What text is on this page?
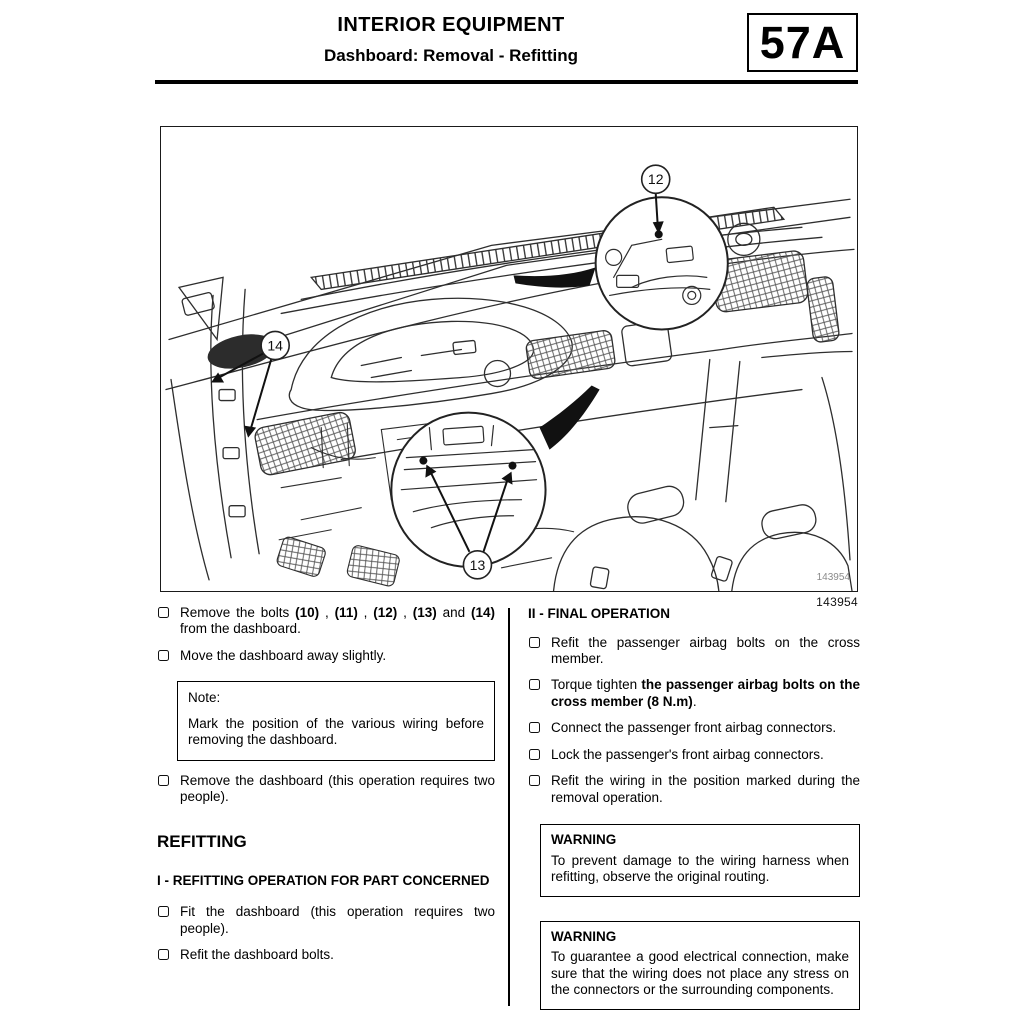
INTERIOR EQUIPMENT
Dashboard: Removal - Refitting	57A
12
13
14
143954
143954
Remove the bolts (10) , (11) , (12) , (13) and (14) from the dashboard.
Move the dashboard away slightly.
Note:
Mark the position of the various wiring before removing the dashboard.
Remove the dashboard (this operation requires two people).
REFITTING
I - REFITTING OPERATION FOR PART CONCERNED
Fit the dashboard (this operation requires two people).
Refit the dashboard bolts.
II - FINAL OPERATION
Refit the passenger airbag bolts on the cross member.
Torque tighten the passenger airbag bolts on the cross member (8 N.m).
Connect the passenger front airbag connectors.
Lock the passenger's front airbag connectors.
Refit the wiring in the position marked during the removal operation.
WARNING
To prevent damage to the wiring harness when refitting, observe the original routing.
WARNING
To guarantee a good electrical connection, make sure that the wiring does not place any stress on the connectors or the surrounding components.
